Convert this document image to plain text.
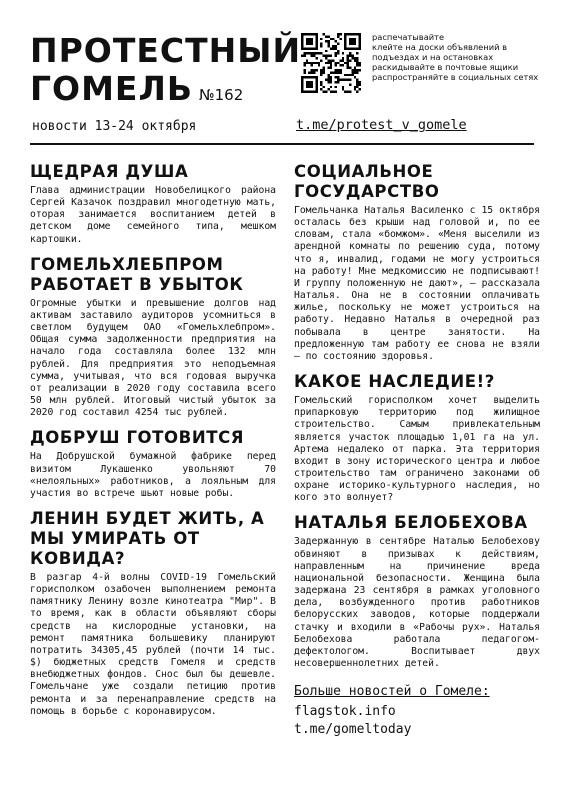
ПРОТЕСТНЫЙ
ГОМЕЛЬ №162
новости 13-24 октября
распечатывайте
клейте на доски объявлений в подъездах и на остановках
раскидывайте в почтовые ящики
распространяйте в социальных сетях
t.me/protest_v_gomele
ЩЕДРАЯ ДУША

Глава администрации Новобелицкого района Сергей Казачок поздравил многодетную мать, оторая занимается воспитанием детей в детском доме семейного типа, мешком картошки.

ГОМЕЛЬХЛЕБПРОМ РАБОТАЕТ В УБЫТОК

Огромные убытки и превышение долгов над активам заставило аудиторов усомниться в светлом будущем ОАО «Гомельхлебпром». Общая сумма задолженности предприятия на начало года составляла более 132 млн рублей. Для предприятия это неподъемная сумма, учитывая, что вся годовая выручка от реализации в 2020 году составила всего 50 млн рублей. Итоговый чистый убыток за 2020 год составил 4254 тыс рублей.

ДОБРУШ ГОТОВИТСЯ

На Добрушской бумажной фабрике перед визитом Лукашенко увольняют 70 «нелояльных» работников, а лояльным для участия во встрече шьют новые робы.

ЛЕНИН БУДЕТ ЖИТЬ, А МЫ УМИРАТЬ ОТ КОВИДА?

В разгар 4-й волны COVID-19 Гомельский горисполком озабочен выполнением ремонта памятнику Ленину возле кинотеатра "Мир". В то время, как в области объявляют сборы средств на кислородные установки, на ремонт памятника большевику планируют потратить 34305,45 рублей (почти 14 тыс. $) бюджетных средств Гомеля и средств внебюджетных фондов. Снос был бы дешевле. Гомельчане уже создали петицию против ремонта и за перенаправление средств на помощь в борьбе с коронавирусом.

СОЦИАЛЬНОЕ ГОСУДАРСТВО

Гомельчанка Наталья Василенко с 15 октября осталась без крыши над головой и, по ее словам, стала «бомжом». «Меня выселили из арендной комнаты по решению суда, потому что я, инвалид, годами не могу устроиться на работу! Мне медкомиссию не подписывают! И группу положенную не дают», — рассказала Наталья. Она не в состоянии оплачивать жилье, поскольку не может устроиться на работу. Недавно Наталья в очередной раз побывала в центре занятости. На предложенную там работу ее снова не взяли – по состоянию здоровья.

КАКОЕ НАСЛЕДИЕ!?

Гомельский горисполком хочет выделить припарковую территорию под жилищное строительство. Самым привлекательным является участок площадью 1,01 га на ул. Артема недалеко от парка. Эта территория входит в зону исторического центра и любое строительство там ограничено законами об охране историко-культурного наследия, но кого это волнует?

НАТАЛЬЯ БЕЛОБЕХОВА

Задержанную в сентябре Наталью Белобехову обвиняют в призывах к действиям, направленным на причинение вреда национальной безопасности. Женщина была задержана 23 сентября в рамках уголовного дела, возбужденного против работников белорусских заводов, которые поддержали стачку и входили в «Рабочы рух». Наталья Белобехова работала педагогом-дефектологом. Воспитывает двух несовершеннолетних детей.

Больше новостей о Гомеле:
flagstok.info
t.me/gomeltoday
